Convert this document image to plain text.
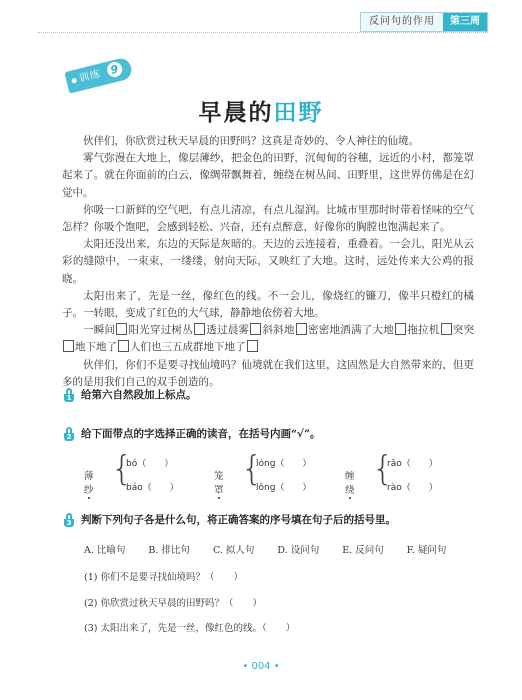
反问句的作用	第三周
训练 9
早晨的田野

伙伴们，你欣赏过秋天早晨的田野吗？这真是奇妙的、令人神往的仙境。

雾气弥漫在大地上，像层薄纱，把金色的田野，沉甸甸的谷穗，远近的小村，都笼罩起来了。就在你面前的白云，像绸带飘舞着，缠绕在树丛间、田野里，这世界仿佛是在幻觉中。

你吸一口新鲜的空气吧，有点儿清凉，有点儿湿润。比城市里那时时带着怪味的空气怎样？你吸个饱吧，会感到轻松、兴奋，还有点醉意，好像你的胸膛也饱满起来了。

太阳还没出来，东边的天际是灰暗的。天边的云连接着，重叠着。一会儿，阳光从云彩的缝隙中，一束束，一缕缕，射向天际，又映红了大地。这时，远处传来大公鸡的报晓。

太阳出来了，先是一丝，像红色的线。不一会儿，像烧红的镰刀，像半只橙红的橘子。一转眼，变成了红色的大气球，静静地依傍着大地。

一瞬间 阳光穿过树丛 透过晨雾 斜斜地 密密地洒满了大地 拖拉机 突突地下地了 人们也三五成群地下地了

伙伴们，你们不是要寻找仙境吗？仙境就在我们这里，这固然是大自然带来的，但更多的是用我们自己的双手创造的。

1 给第六自然段加上标点。
2 给下面带点的字选择正确的读音，在括号内画“√”。
薄纱
{
bó（　　）
báo（　　）
笼罩
{
lóng（　　）
lǒng（　　）
缠绕
{
rǎo（　　）
rào（　　）
3 判断下列句子各是什么句，将正确答案的序号填在句子后的括号里。
A. 比喻句 B. 排比句 C. 拟人句 D. 设问句 E. 反问句 F. 疑问句
(1) 你们不是要寻找仙境吗？（　　）
(2) 你欣赏过秋天早晨的田野吗？（　　）
(3) 太阳出来了，先是一丝，像红色的线。（　　）
• 004 •
